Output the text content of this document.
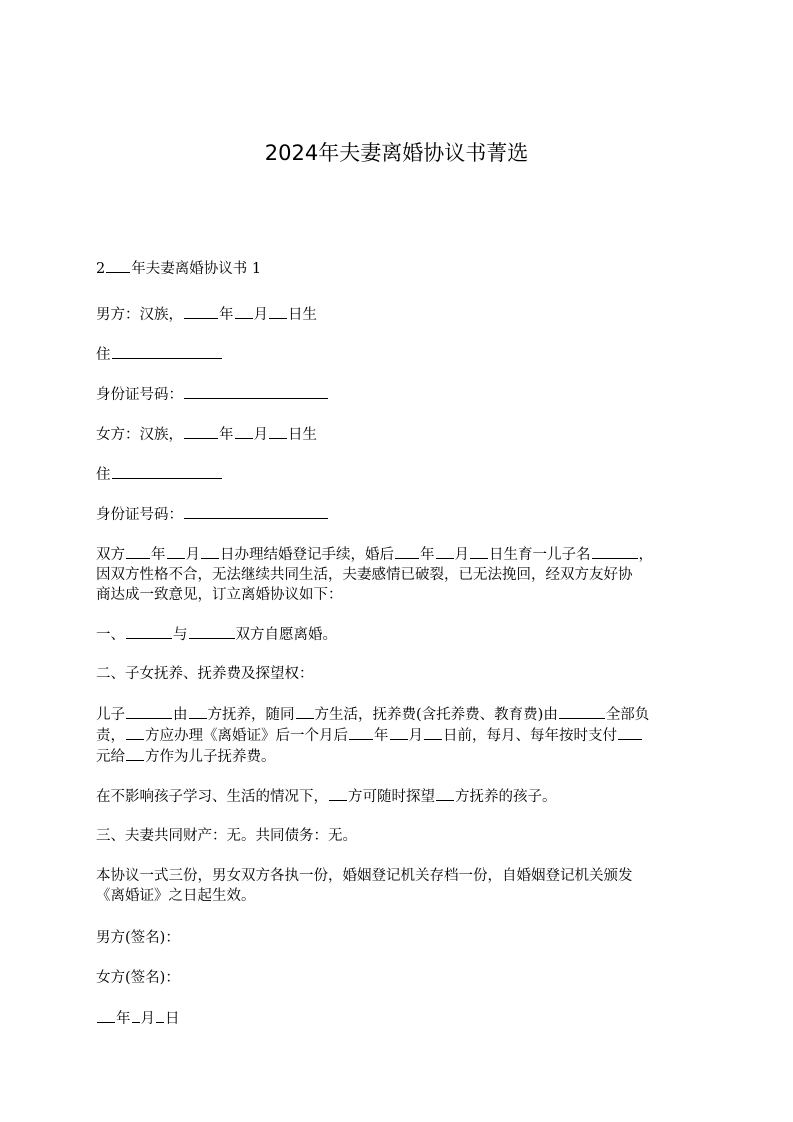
2024年夫妻离婚协议书菁选

2 年夫妻离婚协议书 1

男方：汉族， 年 月 日生

住

身份证号码：

女方：汉族， 年 月 日生

住

身份证号码：

双方 年 月 日办理结婚登记手续，婚后 年 月 日生育一儿子名	，

因双方性格不合，无法继续共同生活，夫妻感情已破裂，已无法挽回，经双方友好协

商达成一致意见，订立离婚协议如下：

一、	与	双方自愿离婚。

二、子女抚养、抚养费及探望权：

儿子	由 方抚养，随同 方生活，抚养费(含托养费、教育费)由	全部负

责， 方应办理《离婚证》后一个月后 年 月 日前，每月、每年按时支付

元给 方作为儿子抚养费。

在不影响孩子学习、生活的情况下， 方可随时探望 方抚养的孩子。

三、夫妻共同财产：无。共同债务：无。

本协议一式三份，男女双方各执一份，婚姻登记机关存档一份，自婚姻登记机关颁发

《离婚证》之日起生效。

男方(签名)：

女方(签名)：

年 月 日
